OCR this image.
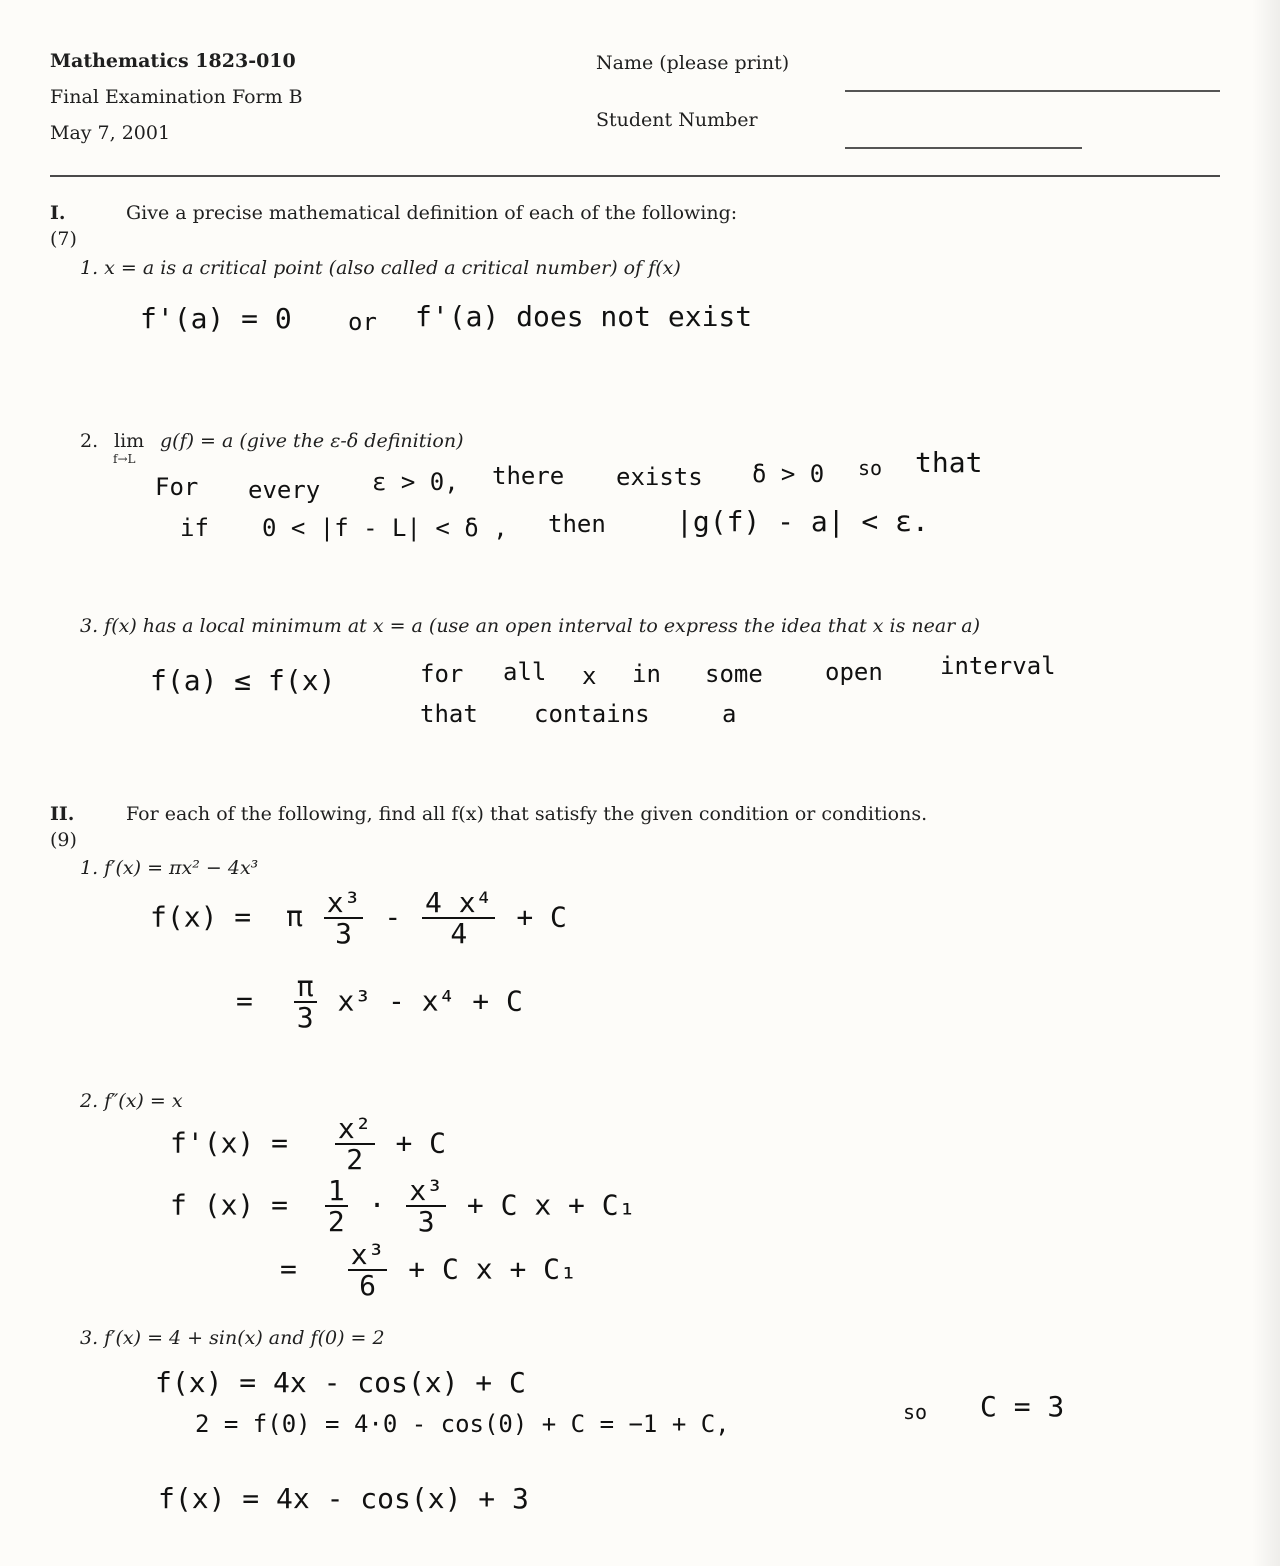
Mathematics 1823-010
Final Examination Form B
May 7, 2001
Name (please print)
Student Number
I.
(7)
Give a precise mathematical definition of each of the following:
1. x = a is a critical point (also called a critical number) of f(x)
f'(a) = 0 or f'(a) does not exist
2. lim
f→L
g(f) = a (give the ε-δ definition)
For every ε > 0, there exists δ > 0 so that
if 0 < |f - L| < δ , then	|g(f) - a| < ε.
3. f(x) has a local minimum at x = a (use an open interval to express the idea that x is near a)
f(a) ≤ f(x)	for all x in some	open interval
that contains	a
II.
(9)
For each of the following, find all f(x) that satisfy the given condition or conditions.
1. f′(x) = πx² − 4x³
f(x) = π $\frac{\text{x³}}{3} - \frac{\text{4 x⁴}}{4} + C$
= $\frac{\pi}{3} x^3 - x^4 + C$
2. f″(x) = x
$f'(x) = \frac{\text{x²}}{2} + C$
f $(x) = \frac{1}{2} \cdot \frac{\text{x³}}{3} + C$ x + C₁
= $\frac{\text{x³}}{6} + C$ x + C₁
3. f′(x) = 4 + sin(x) and f(0) = 2
f(x) = 4x - cos(x) + C
2 = f(0) = 4·0 - cos(0) + C = −1 + C,	so C = 3
f(x) = 4x - cos(x) + 3
